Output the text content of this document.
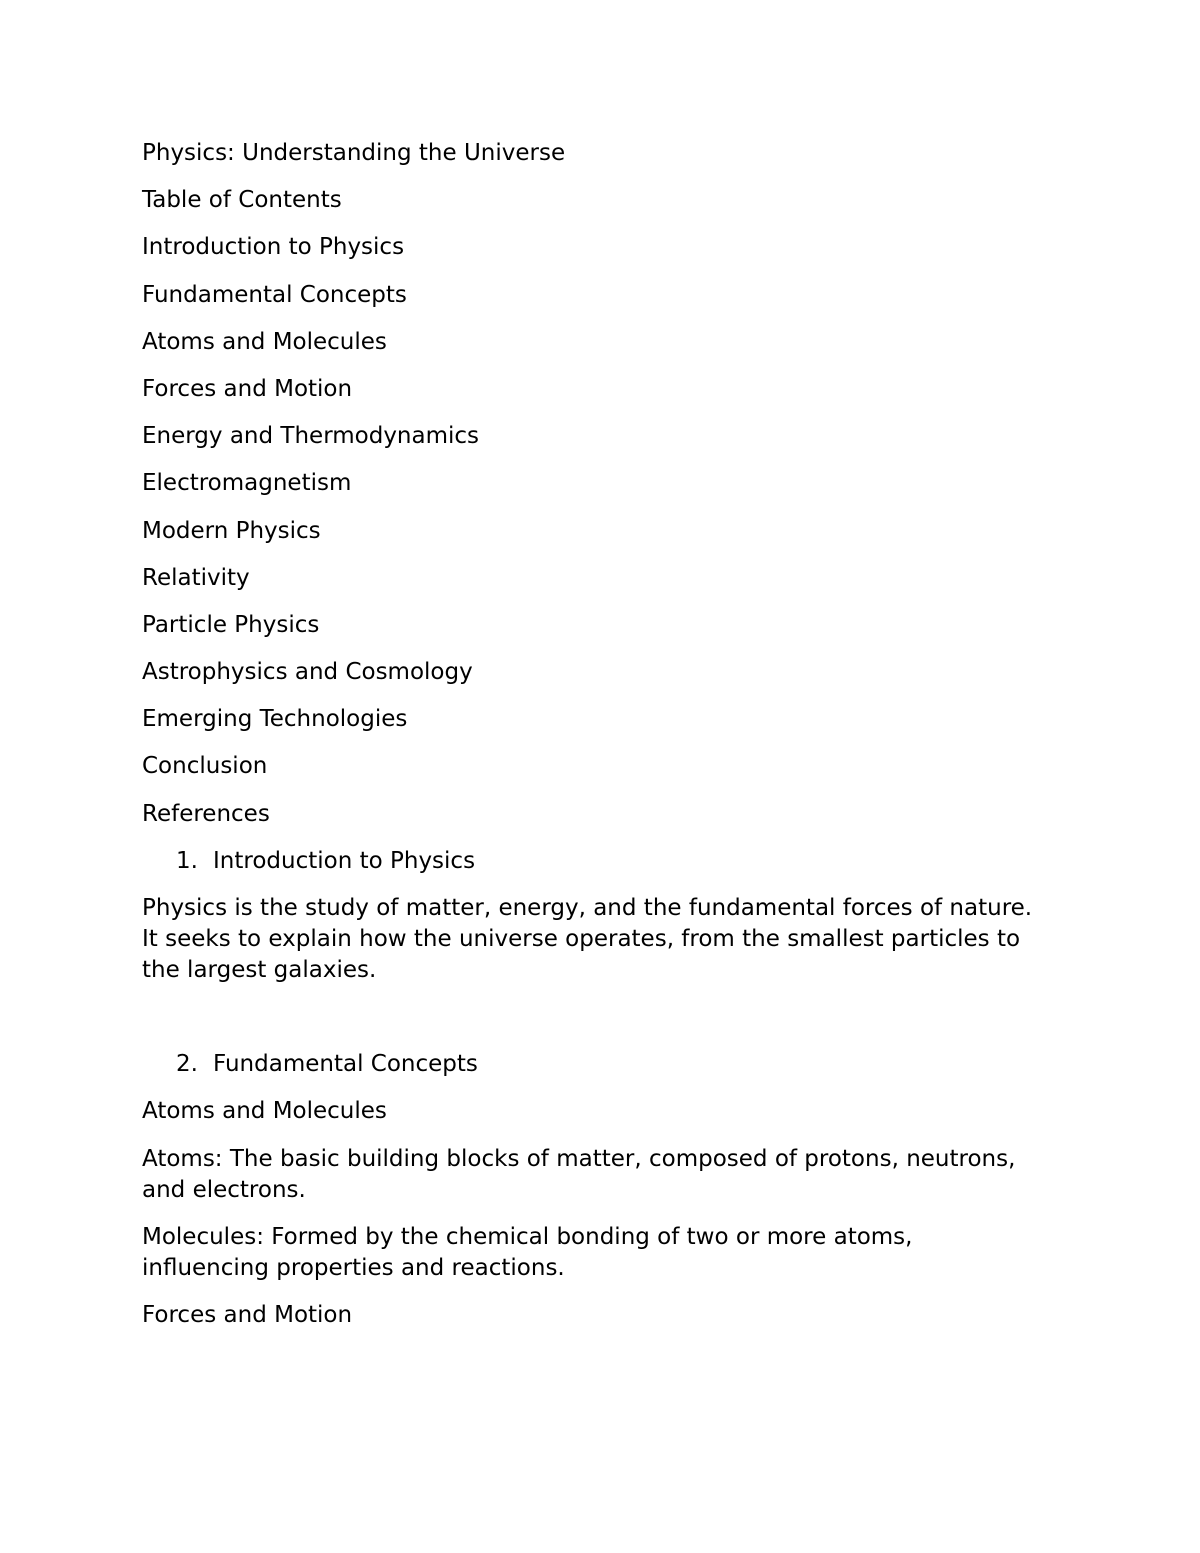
Physics: Understanding the Universe

Table of Contents

Introduction to Physics

Fundamental Concepts

Atoms and Molecules

Forces and Motion

Energy and Thermodynamics

Electromagnetism

Modern Physics

Relativity

Particle Physics

Astrophysics and Cosmology

Emerging Technologies

Conclusion

References

1. Introduction to Physics

Physics is the study of matter, energy, and the fundamental forces of nature.
It seeks to explain how the universe operates, from the smallest particles to
the largest galaxies.

2. Fundamental Concepts

Atoms and Molecules

Atoms: The basic building blocks of matter, composed of protons, neutrons,
and electrons.

Molecules: Formed by the chemical bonding of two or more atoms,
influencing properties and reactions.

Forces and Motion
